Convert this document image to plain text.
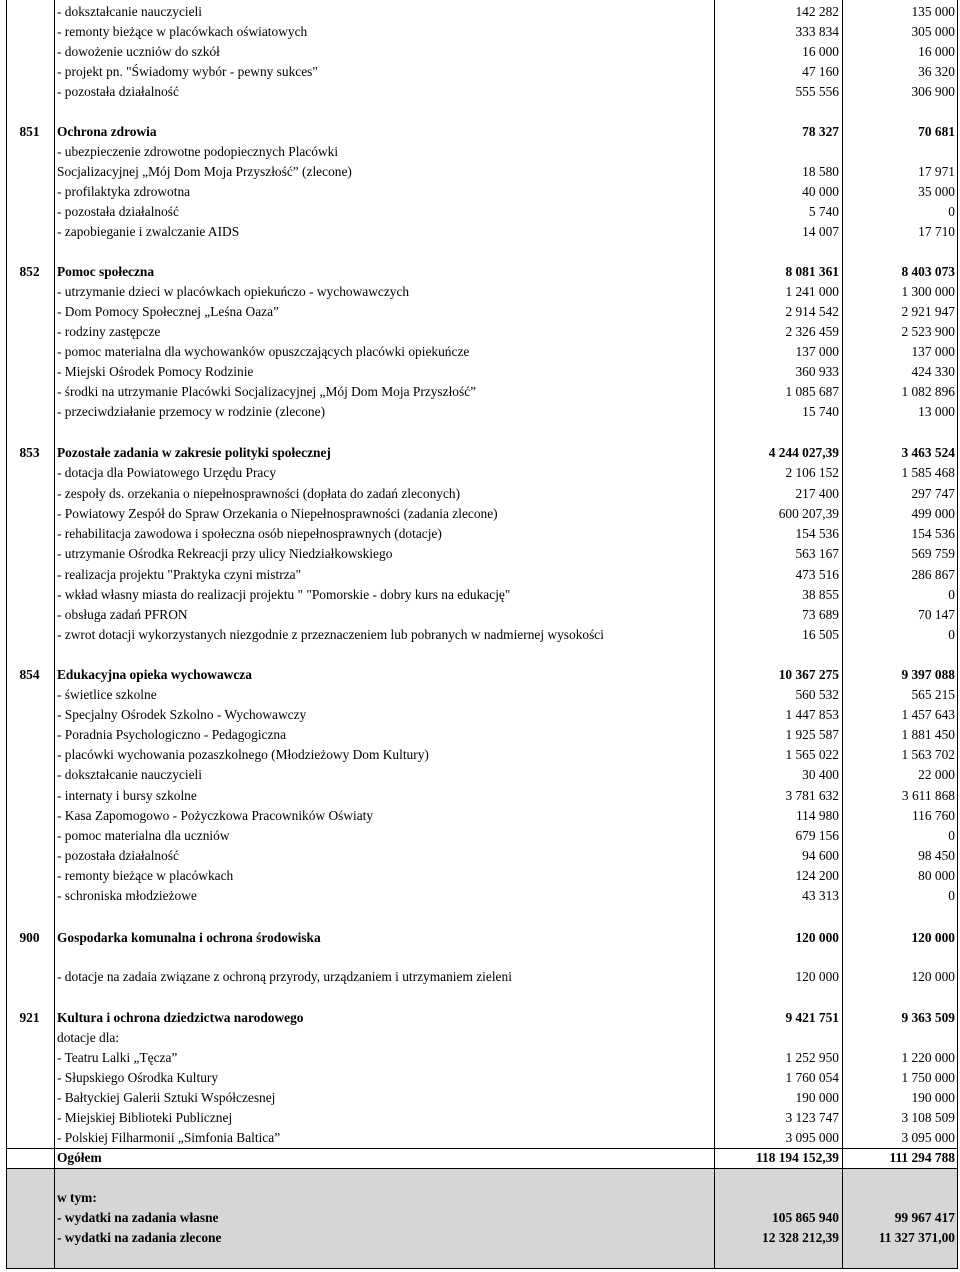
- dokształcanie nauczycieli	142 282	135 000
- remonty bieżące w placówkach oświatowych	333 834	305 000
- dowożenie uczniów do szkół	16 000	16 000
- projekt pn. "Świadomy wybór - pewny sukces"	47 160	36 320
- pozostała działalność	555 556	306 900
851	Ochrona zdrowia	78 327	70 681
- ubezpieczenie zdrowotne podopiecznych Placówki
Socjalizacyjnej „Mój Dom Moja Przyszłość” (zlecone)	18 580	17 971
- profilaktyka zdrowotna	40 000	35 000
- pozostała działalność	5 740	0
- zapobieganie i zwalczanie AIDS	14 007	17 710
852	Pomoc społeczna	8 081 361	8 403 073
- utrzymanie dzieci w placówkach opiekuńczo - wychowawczych	1 241 000	1 300 000
- Dom Pomocy Społecznej „Leśna Oaza”	2 914 542	2 921 947
- rodziny zastępcze	2 326 459	2 523 900
- pomoc materialna dla wychowanków opuszczających placówki opiekuńcze	137 000	137 000
- Miejski Ośrodek Pomocy Rodzinie	360 933	424 330
- środki na utrzymanie Placówki Socjalizacyjnej „Mój Dom Moja Przyszłość”	1 085 687	1 082 896
- przeciwdziałanie przemocy w rodzinie (zlecone)	15 740	13 000
853	Pozostałe zadania w zakresie polityki społecznej	4 244 027,39	3 463 524
- dotacja dla Powiatowego Urzędu Pracy	2 106 152	1 585 468
- zespoły ds. orzekania o niepełnosprawności (dopłata do zadań zleconych)	217 400	297 747
- Powiatowy Zespół do Spraw Orzekania o Niepełnosprawności (zadania zlecone)	600 207,39	499 000
- rehabilitacja zawodowa i społeczna osób niepełnosprawnych (dotacje)	154 536	154 536
- utrzymanie Ośrodka Rekreacji przy ulicy Niedziałkowskiego	563 167	569 759
- realizacja projektu "Praktyka czyni mistrza"	473 516	286 867
- wkład własny miasta do realizacji projektu " "Pomorskie - dobry kurs na edukację"	38 855	0
- obsługa zadań PFRON	73 689	70 147
- zwrot dotacji wykorzystanych niezgodnie z przeznaczeniem lub pobranych w nadmiernej wysokości	16 505	0
854	Edukacyjna opieka wychowawcza	10 367 275	9 397 088
- świetlice szkolne	560 532	565 215
- Specjalny Ośrodek Szkolno - Wychowawczy	1 447 853	1 457 643
- Poradnia Psychologiczno - Pedagogiczna	1 925 587	1 881 450
- placówki wychowania pozaszkolnego (Młodzieżowy Dom Kultury)	1 565 022	1 563 702
- dokształcanie nauczycieli	30 400	22 000
- internaty i bursy szkolne	3 781 632	3 611 868
- Kasa Zapomogowo - Pożyczkowa Pracowników Oświaty	114 980	116 760
- pomoc materialna dla uczniów	679 156	0
- pozostała działalność	94 600	98 450
- remonty bieżące w placówkach	124 200	80 000
- schroniska młodzieżowe	43 313	0
900	Gospodarka komunalna i ochrona środowiska	120 000	120 000
- dotacje na zadaia związane z ochroną przyrody, urządzaniem i utrzymaniem zieleni	120 000	120 000
921	Kultura i ochrona dziedzictwa narodowego	9 421 751	9 363 509
dotacje dla:
- Teatru Lalki „Tęcza”	1 252 950	1 220 000
- Słupskiego Ośrodka Kultury	1 760 054	1 750 000
- Bałtyckiej Galerii Sztuki Współczesnej	190 000	190 000
- Miejskiej Biblioteki Publicznej	3 123 747	3 108 509
- Polskiej Filharmonii „Simfonia Baltica”	3 095 000	3 095 000
Ogółem	118 194 152,39	111 294 788
w tym:
- wydatki na zadania własne	105 865 940	99 967 417
- wydatki na zadania zlecone	12 328 212,39	11 327 371,00
